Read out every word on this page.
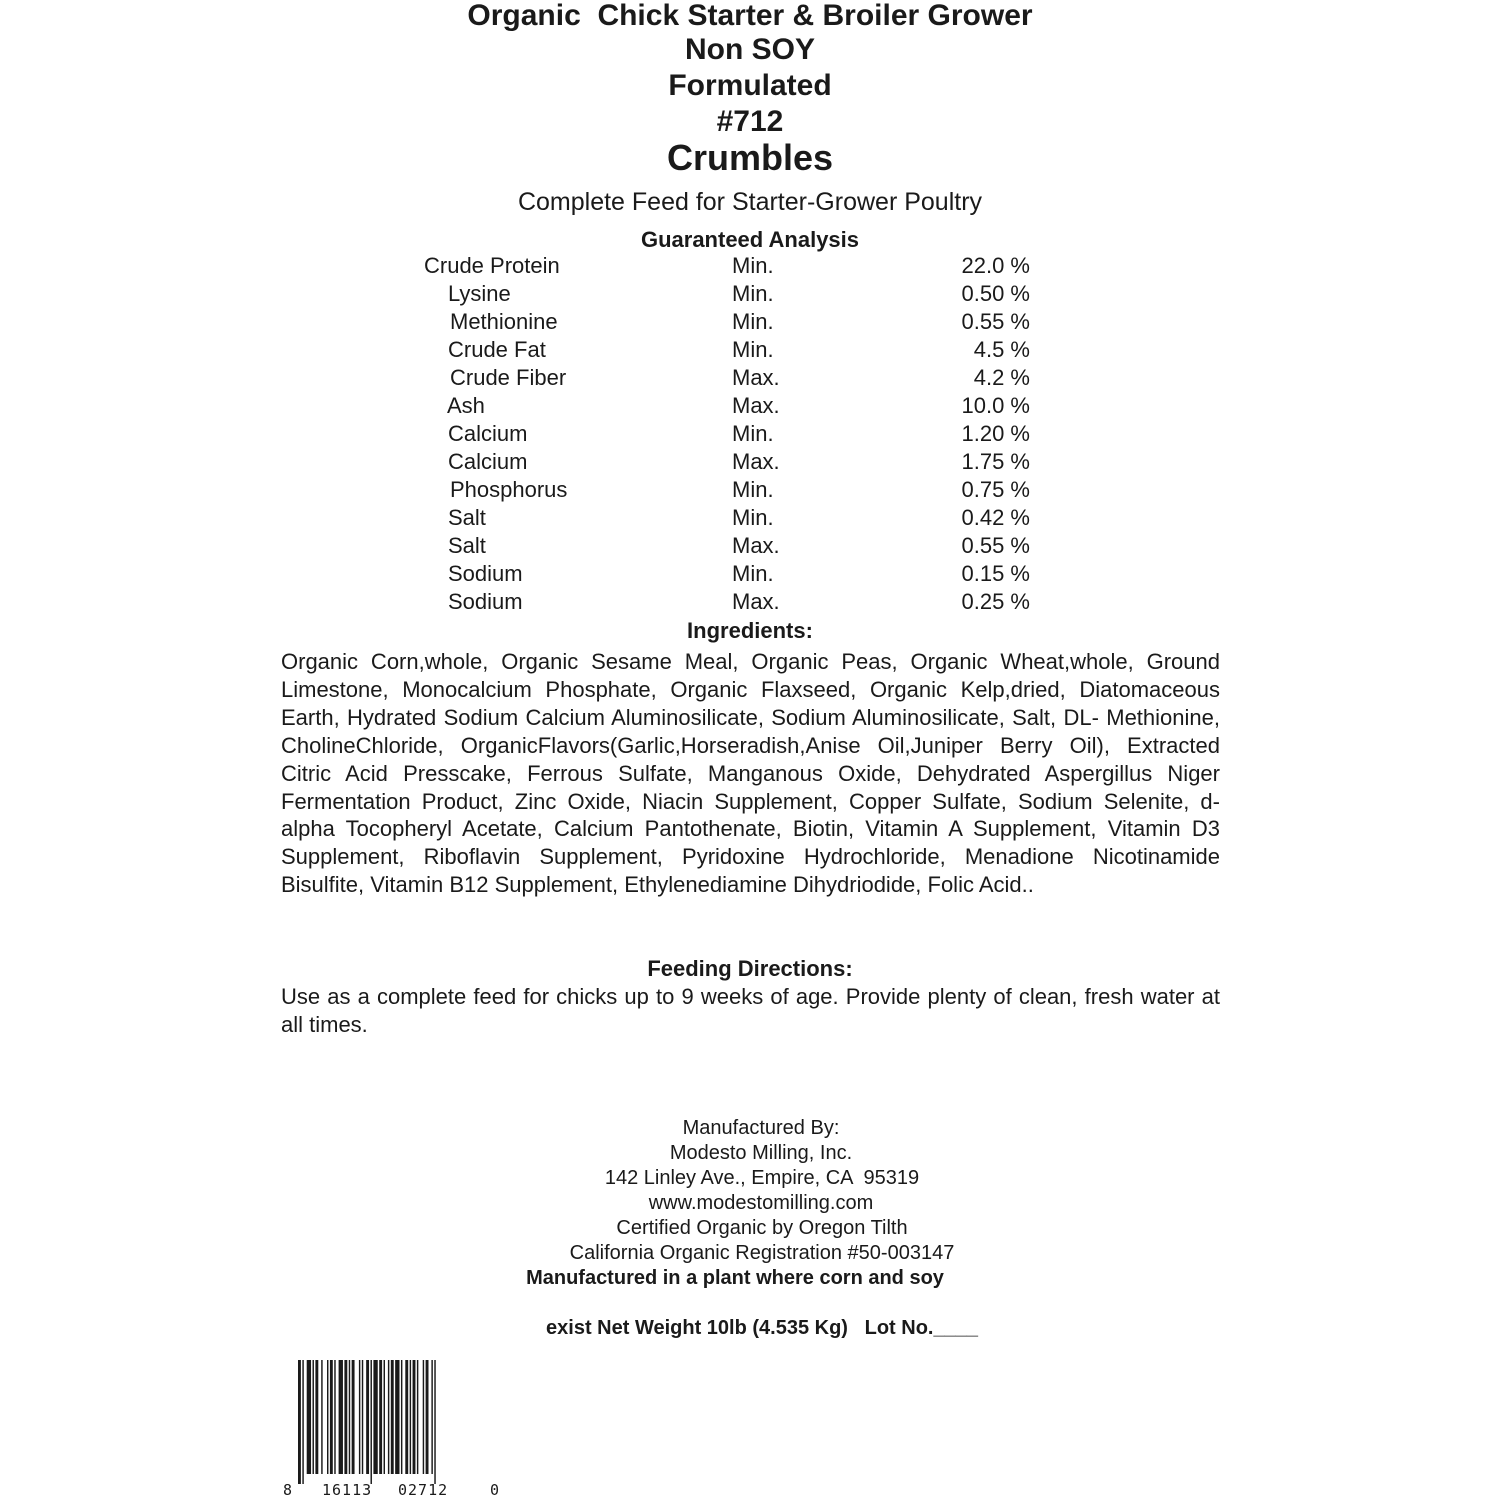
Organic  Chick Starter & Broiler Grower
Non SOY
Formulated
#712
Crumbles
Complete Feed for Starter-Grower Poultry
Guaranteed Analysis
Crude Protein	Min.	22.0 %
Lysine	Min.	0.50 %
Methionine	Min.	0.55 %
Crude Fat	Min.	4.5 %
Crude Fiber	Max.	4.2 %
Ash	Max.	10.0 %
Calcium	Min.	1.20 %
Calcium	Max.	1.75 %
Phosphorus	Min.	0.75 %
Salt	Min.	0.42 %
Salt	Max.	0.55 %
Sodium	Min.	0.15 %
Sodium	Max.	0.25 %
Ingredients:
Organic Corn,whole, Organic Sesame Meal, Organic Peas, Organic Wheat,whole, Ground Limestone, Monocalcium Phosphate, Organic Flaxseed, Organic Kelp,dried, Diatomaceous Earth, Hydrated Sodium Calcium Aluminosilicate, Sodium Aluminosilicate, Salt, DL- Methionine, CholineChloride, OrganicFlavors(Garlic,Horseradish,Anise Oil,Juniper Berry Oil), Extracted Citric Acid Presscake, Ferrous Sulfate, Manganous Oxide, Dehydrated Aspergillus Niger Fermentation Product, Zinc Oxide, Niacin Supplement, Copper Sulfate, Sodium Selenite, d-alpha Tocopheryl Acetate, Calcium Pantothenate, Biotin, Vitamin A Supplement, Vitamin D3 Supplement, Riboflavin Supplement, Pyridoxine Hydrochloride, Menadione Nicotinamide Bisulfite, Vitamin B12 Supplement, Ethylenediamine Dihydriodide, Folic Acid..
Feeding Directions:
Use as a complete feed for chicks up to 9 weeks of age. Provide plenty of clean, fresh water at all times.
Manufactured By:
Modesto Milling, Inc.
142 Linley Ave., Empire, CA  95319
www.modestomilling.com
Certified Organic by Oregon Tilth
California Organic Registration #50-003147
Manufactured in a plant where corn and soy
exist Net Weight 10lb (4.535 Kg)   Lot No.____
8 16113 02712	0
